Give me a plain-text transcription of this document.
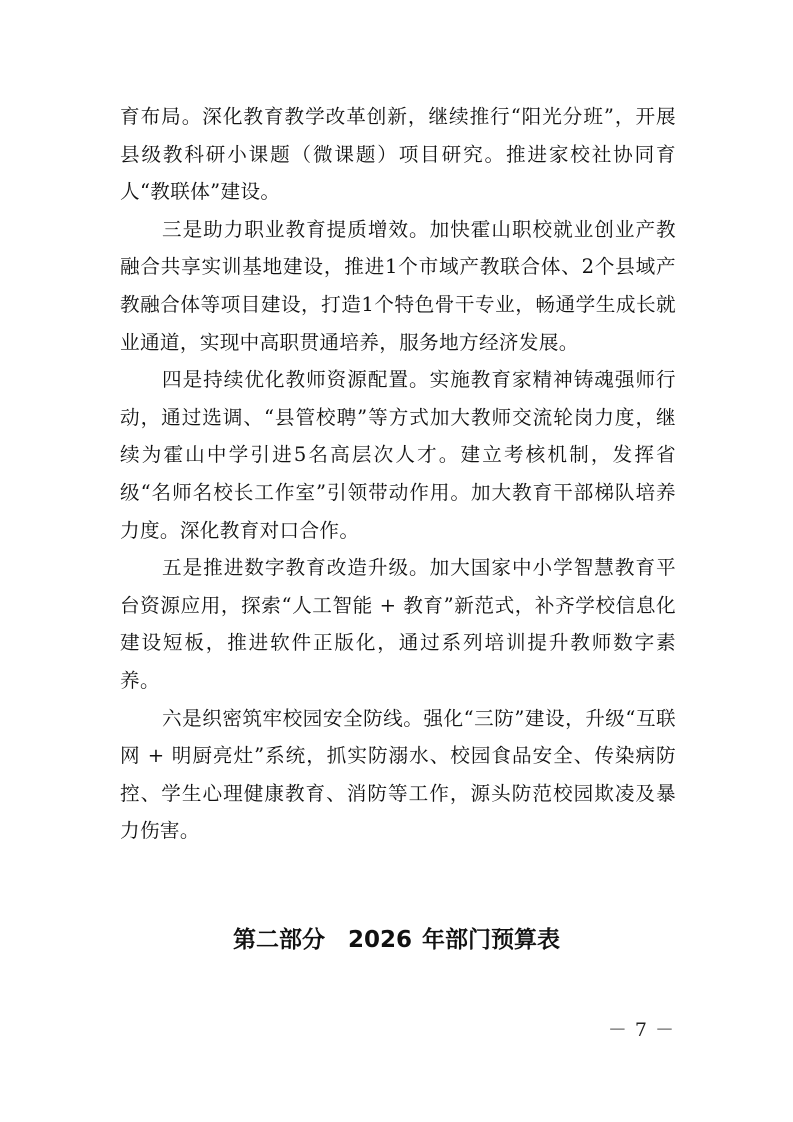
育布局。深化教育教学改革创新，继续推行“阳光分班”，开展县级教科研小课题（微课题）项目研究。推进家校社协同育人“教联体”建设。

三是助力职业教育提质增效。加快霍山职校就业创业产教融合共享实训基地建设，推进1个市域产教联合体、2个县域产教融合体等项目建设，打造1个特色骨干专业，畅通学生成长就业通道，实现中高职贯通培养，服务地方经济发展。

四是持续优化教师资源配置。实施教育家精神铸魂强师行动，通过选调、“县管校聘”等方式加大教师交流轮岗力度，继续为霍山中学引进5名高层次人才。建立考核机制，发挥省级“名师名校长工作室”引领带动作用。加大教育干部梯队培养力度。深化教育对口合作。

五是推进数字教育改造升级。加大国家中小学智慧教育平台资源应用，探索“人工智能 + 教育”新范式，补齐学校信息化建设短板，推进软件正版化，通过系列培训提升教师数字素养。

六是织密筑牢校园安全防线。强化“三防”建设，升级“互联网 + 明厨亮灶”系统，抓实防溺水、校园食品安全、传染病防控、学生心理健康教育、消防等工作，源头防范校园欺凌及暴力伤害。

第二部分　2026 年部门预算表
－ 7 －
